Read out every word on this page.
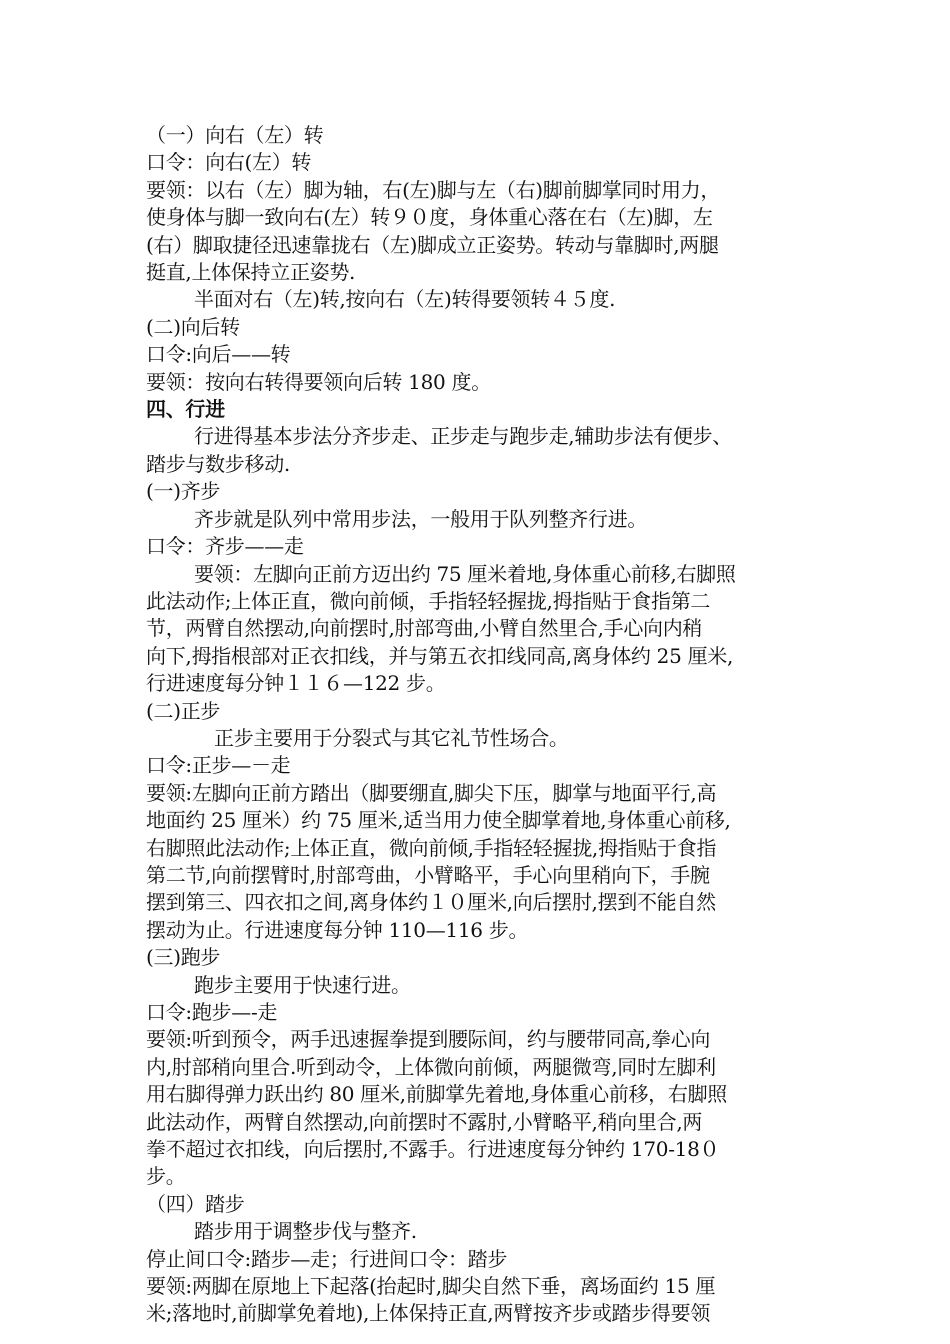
（一）向右（左）转
口令：向右(左）转
要领：以右（左）脚为轴，右(左)脚与左（右)脚前脚掌同时用力，
使身体与脚一致向右(左）转９０度，身体重心落在右（左)脚，左
(右）脚取捷径迅速靠拢右（左)脚成立正姿势。转动与靠脚时,两腿
挺直,上体保持立正姿势.
半面对右（左)转,按向右（左)转得要领转４５度.
(二)向后转
口令:向后——转
要领：按向右转得要领向后转 180 度。
四、行进
行进得基本步法分齐步走、正步走与跑步走,辅助步法有便步、
踏步与数步移动.
(一)齐步
齐步就是队列中常用步法，一般用于队列整齐行进。
口令：齐步——走
要领：左脚向正前方迈出约 75 厘米着地,身体重心前移,右脚照
此法动作;上体正直，微向前倾，手指轻轻握拢,拇指贴于食指第二
节，两臂自然摆动,向前摆时,肘部弯曲,小臂自然里合,手心向内稍
向下,拇指根部对正衣扣线，并与第五衣扣线同高,离身体约 25 厘米,
行进速度每分钟１１６—122 步。
(二)正步
正步主要用于分裂式与其它礼节性场合。
口令:正步—－走
要领:左脚向正前方踏出（脚要绷直,脚尖下压，脚掌与地面平行,高
地面约 25 厘米）约 75 厘米,适当用力使全脚掌着地,身体重心前移,
右脚照此法动作;上体正直，微向前倾,手指轻轻握拢,拇指贴于食指
第二节,向前摆臂时,肘部弯曲，小臂略平，手心向里稍向下，手腕
摆到第三、四衣扣之间,离身体约１０厘米,向后摆肘,摆到不能自然
摆动为止。行进速度每分钟 110—116 步。
(三)跑步
跑步主要用于快速行进。
口令:跑步—-走
要领:听到预令，两手迅速握拳提到腰际间，约与腰带同高,拳心向
内,肘部稍向里合.听到动令，上体微向前倾，两腿微弯,同时左脚利
用右脚得弹力跃出约 80 厘米,前脚掌先着地,身体重心前移，右脚照
此法动作，两臂自然摆动,向前摆时不露肘,小臂略平,稍向里合,两
拳不超过衣扣线，向后摆肘,不露手。行进速度每分钟约 170-18０
步。
（四）踏步
踏步用于调整步伐与整齐.
停止间口令:踏步—走；行进间口令：踏步
要领:两脚在原地上下起落(抬起时,脚尖自然下垂，离场面约 15 厘
米;落地时,前脚掌免着地),上体保持正直,两臂按齐步或踏步得要领
